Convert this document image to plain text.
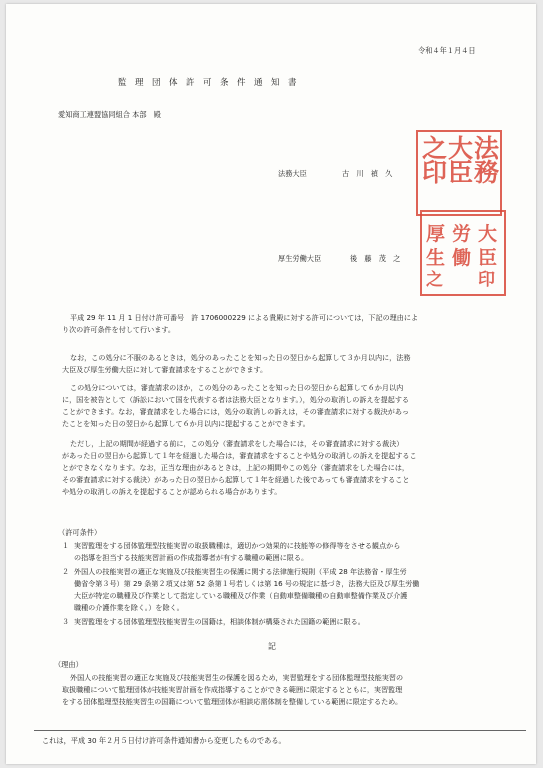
令和４年１月４日
監　理　団　体　許　可　条　件　通　知　書
愛知商工連盟協同組合 本部　殿
法務大臣	古　川　禎　久
法
務
大
臣
之
印
厚生労働大臣	後　藤　茂　之
厚
生
労
働
大
臣
之 印
平成 29 年 11 月 1 日付け許可番号　許 1706000229 による貴殿に対する許可については，下記の理由によ
り次の許可条件を付して行います。
なお，この処分に不服のあるときは，処分のあったことを知った日の翌日から起算して３か月以内に，法務
大臣及び厚生労働大臣に対して審査請求をすることができます。
この処分については，審査請求のほか，この処分のあったことを知った日の翌日から起算して６か月以内
に，国を被告として（訴訟において国を代表する者は法務大臣となります。），処分の取消しの訴えを提起する
ことができます。なお，審査請求をした場合には，処分の取消しの訴えは，その審査請求に対する裁決があっ
たことを知った日の翌日から起算して６か月以内に提起することができます。
ただし，上記の期間が経過する前に，この処分（審査請求をした場合には，その審査請求に対する裁決）
があった日の翌日から起算して１年を経過した場合は，審査請求をすることや処分の取消しの訴えを提起するこ
とができなくなります。なお，正当な理由があるときは，上記の期間やこの処分（審査請求をした場合には，
その審査請求に対する裁決）があった日の翌日から起算して１年を経過した後であっても審査請求をすること
や処分の取消しの訴えを提起することが認められる場合があります。
（許可条件）
１ 実習監理をする団体監理型技能実習の取扱職種は，適切かつ効果的に技能等の修得等をさせる観点から
の指導を担当する技能実習計画の作成指導者が有する職種の範囲に限る。
２ 外国人の技能実習の適正な実施及び技能実習生の保護に関する法律施行規則（平成 28 年法務省・厚生労
働省令第３号）第 29 条第２項又は第 52 条第１号若しくは第 16 号の規定に基づき，法務大臣及び厚生労働
大臣が特定の職種及び作業として指定している職種及び作業（自動車整備職種の自動車整備作業及び介護
職種の介護作業を除く。）を除く。
３ 実習監理をする団体監理型技能実習生の国籍は，相談体制が構築された国籍の範囲に限る。
記
（理由）
外国人の技能実習の適正な実施及び技能実習生の保護を図るため，実習監理をする団体監理型技能実習の
取扱職種について監理団体が技能実習計画を作成指導することができる範囲に限定するとともに，実習監理
をする団体監理型技能実習生の国籍について監理団体が相談応需体制を整備している範囲に限定するため。
これは，平成 30 年２月５日付け許可条件通知書から変更したものである。
